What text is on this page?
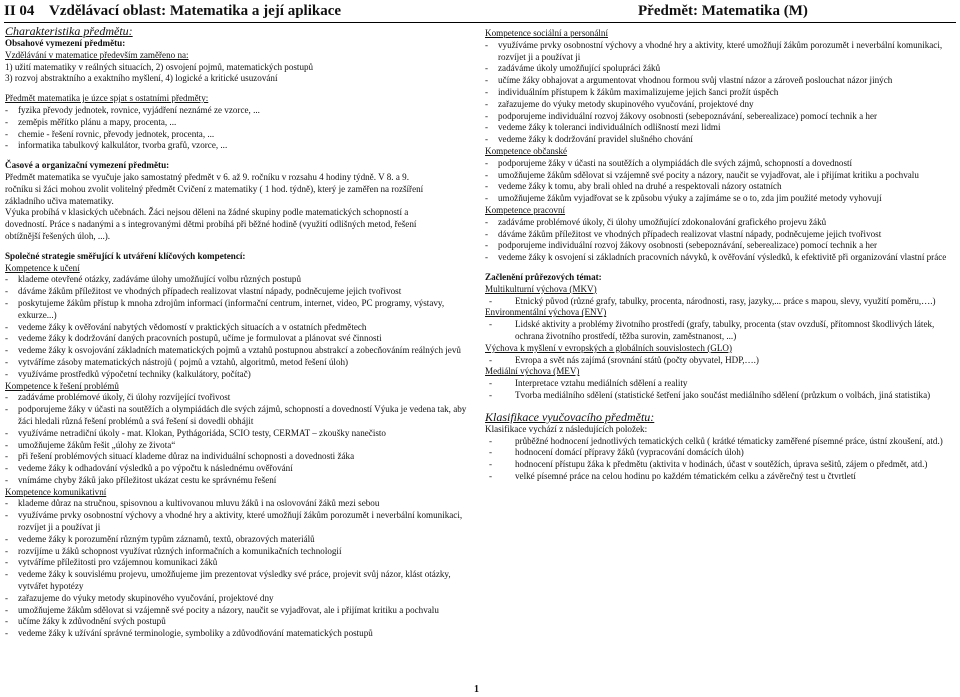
II 04 Vzdělávací oblast: Matematika a její aplikace	Předmět: Matematika (M)
Charakteristika předmětu:
Obsahové vymezení předmětu:
Vzdělávání v matematice především zaměřeno na:
1) užití matematiky v reálných situacích, 2) osvojení pojmů, matematických postupů
3) rozvoj abstraktního a exaktního myšlení, 4) logické a kritické usuzování
Předmět matematika je úzce spjat s ostatními předměty:
-	fyzika převody jednotek, rovnice, vyjádření neznámé ze vzorce, ...
-	zeměpis měřítko plánu a mapy, procenta, ...
-	chemie - řešení rovnic, převody jednotek, procenta, ...
-	informatika tabulkový kalkulátor, tvorba grafů, vzorce, ...
Časové a organizační vymezení předmětu:
Předmět matematika se vyučuje jako samostatný předmět v 6. až 9. ročníku v rozsahu 4 hodiny týdně. V 8. a 9.
ročníku si žáci mohou zvolit volitelný předmět Cvičení z matematiky ( 1 hod. týdně), který je zaměřen na rozšíření
základního učiva matematiky.
Výuka probíhá v klasických učebnách. Žáci nejsou děleni na žádné skupiny podle matematických schopností a
dovedností. Práce s nadanými a s integrovanými dětmi probíhá při běžné hodině (využití odlišných metod, řešení
obtížnější řešených úloh, ...).
Společné strategie směřující k utváření klíčových kompetencí:
Kompetence k učení
-	klademe otevřené otázky, zadáváme úlohy umožňující volbu různých postupů
-	dáváme žákům příležitost ve vhodných případech realizovat vlastní nápady, podněcujeme jejich tvořivost
-	poskytujeme žákům přístup k mnoha zdrojům informací (informační centrum, internet, video, PC programy, výstavy, exkurze...)
-	vedeme žáky k ověřování nabytých vědomostí v praktických situacích a v ostatních předmětech
-	vedeme žáky k dodržování daných pracovních postupů, učíme je formulovat a plánovat své činnosti
-	vedeme žáky k osvojování základních matematických pojmů a vztahů postupnou abstrakcí a zobecňováním reálných jevů
-	vytváříme zásoby matematických nástrojů ( pojmů a vztahů, algoritmů, metod řešení úloh)
-	využíváme prostředků výpočetní techniky (kalkulátory, počítač)
Kompetence k řešení problémů
-	zadáváme problémové úkoly, či úlohy rozvíjející tvořivost
-	podporujeme žáky v účasti na soutěžích a olympiádách dle svých zájmů, schopností a dovedností Výuka je vedena tak, aby žáci hledali různá řešení problémů a svá řešení si dovedli obhájit
-	využíváme netradiční úkoly - mat. Klokan, Pythágoriáda, SCIO testy, CERMAT – zkoušky nanečisto
-	umožňujeme žákům řešit „úlohy ze života“
-	při řešení problémových situací klademe důraz na individuální schopnosti a dovednosti žáka
-	vedeme žáky k odhadování výsledků a po výpočtu k následnému ověřování
-	vnímáme chyby žáků jako příležitost ukázat cestu ke správnému řešení
Kompetence komunikativní
-	klademe důraz na stručnou, spisovnou a kultivovanou mluvu žáků i na oslovování žáků mezi sebou
-	využíváme prvky osobnostní výchovy a vhodné hry a aktivity, které umožňují žákům porozumět i neverbální komunikaci, rozvíjet ji a používat ji
-	vedeme žáky k porozumění různým typům záznamů, textů, obrazových materiálů
-	rozvíjíme u žáků schopnost využívat různých informačních a komunikačních technologií
-	vytváříme příležitosti pro vzájemnou komunikaci žáků
-	vedeme žáky k souvislému projevu, umožňujeme jim prezentovat výsledky své práce, projevit svůj názor, klást otázky, vytvářet hypotézy
-	zařazujeme do výuky metody skupinového vyučování, projektové dny
-	umožňujeme žákům sdělovat si vzájemně své pocity a názory, naučit se vyjadřovat, ale i přijímat kritiku a pochvalu
-	učíme žáky k zdůvodnění svých postupů
-	vedeme žáky k užívání správné terminologie, symboliky a zdůvodňování matematických postupů
Kompetence sociální a personální
-	využíváme prvky osobnostní výchovy a vhodné hry a aktivity, které umožňují žákům porozumět i neverbální komunikaci, rozvíjet ji a používat ji
-	zadáváme úkoly umožňující spolupráci žáků
-	učíme žáky obhajovat a argumentovat vhodnou formou svůj vlastní názor a zároveň poslouchat názor jiných
-	individuálním přístupem k žákům maximalizujeme jejich šanci prožít úspěch
-	zařazujeme do výuky metody skupinového vyučování, projektové dny
-	podporujeme individuální rozvoj žákovy osobnosti (sebepoznávání, seberealizace) pomocí technik a her
-	vedeme žáky k toleranci individuálních odlišností mezi lidmi
-	vedeme žáky k dodržování pravidel slušného chování
Kompetence občanské
-	podporujeme žáky v účasti na soutěžích a olympiádách dle svých zájmů, schopností a dovedností
-	umožňujeme žákům sdělovat si vzájemně své pocity a názory, naučit se vyjadřovat, ale i přijímat kritiku a pochvalu
-	vedeme žáky k tomu, aby brali ohled na druhé a respektovali názory ostatních
-	umožňujeme žákům vyjadřovat se k způsobu výuky a zajímáme se o to, zda jim použité metody vyhovují
Kompetence pracovní
-	zadáváme problémové úkoly, či úlohy umožňující zdokonalování grafického projevu žáků
-	dáváme žákům příležitost ve vhodných případech realizovat vlastní nápady, podněcujeme jejich tvořivost
-	podporujeme individuální rozvoj žákovy osobnosti (sebepoznávání, seberealizace) pomocí technik a her
-	vedeme žáky k osvojení si základních pracovních návyků, k ověřování výsledků, k efektivitě při organizování vlastní práce
Začlenění průřezových témat:
Multikulturní výchova (MKV)
-	Etnický původ (různé grafy, tabulky, procenta, národnosti, rasy, jazyky,... práce s mapou, slevy, využití poměru,….)
Environmentální výchova (ENV)
-	Lidské aktivity a problémy životního prostředí (grafy, tabulky, procenta (stav ovzduší, přítomnost škodlivých látek, ochrana životního prostředí, těžba surovin, zaměstnanost, ...)
Výchova k myšlení v evropských a globálních souvislostech (GLO)
-	Evropa a svět nás zajímá (srovnání států (počty obyvatel, HDP,….)
Mediální výchova (MEV)
-	Interpretace vztahu mediálních sdělení a reality
-	Tvorba mediálního sdělení (statistické šetření jako součást mediálního sdělení (průzkum o volbách, jiná statistika)
Klasifikace vyučovacího předmětu:
Klasifikace vychází z následujících položek:
-	průběžné hodnocení jednotlivých tematických celků ( krátké tématicky zaměřené písemné práce, ústní zkoušení, atd.)
-	hodnocení domácí přípravy žáků (vypracování domácích úloh)
-	hodnocení přístupu žáka k předmětu (aktivita v hodinách, účast v soutěžích, úprava sešitů, zájem o předmět, atd.)
-	velké písemné práce na celou hodinu po každém tématickém celku a závěrečný test u čtvrtletí
1
